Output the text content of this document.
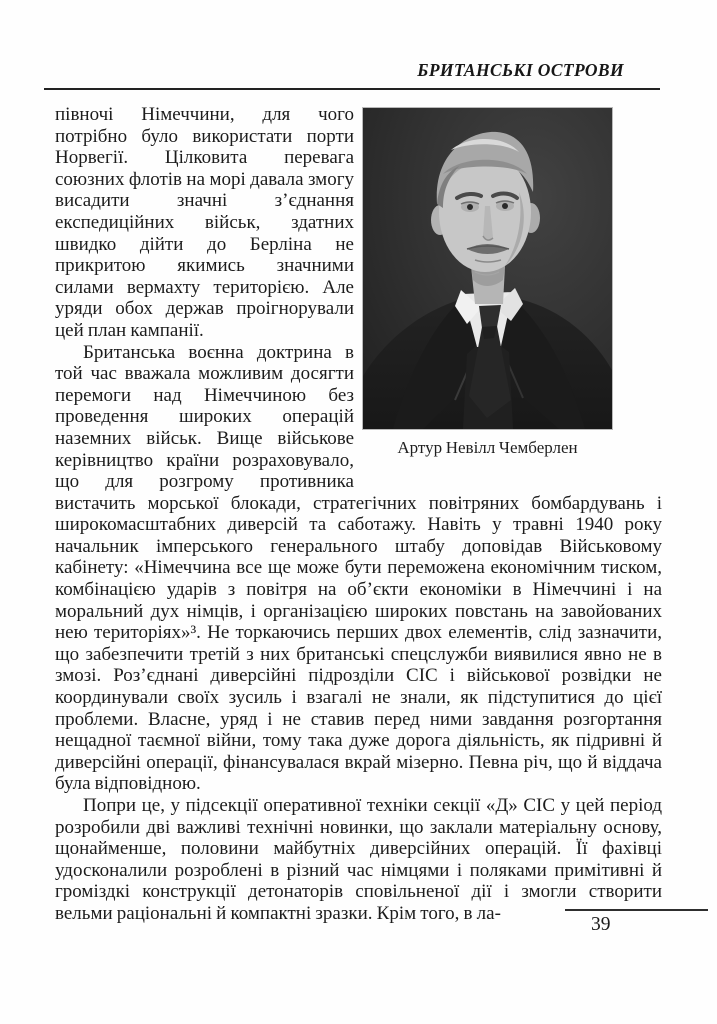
БРИТАНСЬКІ ОСТРОВИ
Артур Невілл Чемберлен

півночі Німеччини, для чого потрібно було використати порти Норвегії. Цілковита перевага союзних флотів на морі давала змогу висадити значні з’єднання експедиційних військ, здатних швидко дійти до Берліна не прикритою якимись значними силами вермахту територією. Але уряди обох держав проігнорували цей план кампанії.

Британська воєнна доктрина в той час вважала можливим досягти перемоги над Німеччиною без проведення широких операцій наземних військ. Вище військове керівництво країни розраховувало, що для розгрому противника вистачить морської блокади, стратегічних повітряних бомбардувань і широкомасштабних диверсій та саботажу. Навіть у травні 1940 року начальник імперського генерального штабу доповідав Військовому кабінету: «Німеччина все ще може бути переможена економічним тиском, комбінацією ударів з повітря на об’єкти економіки в Німеччині і на моральний дух німців, і організацією широких повстань на завойованих нею територіях»³. Не торкаючись перших двох елементів, слід зазначити, що забезпечити третій з них британські спецслужби виявилися явно не в змозі. Роз’єднані диверсійні підрозділи СІС і військової розвідки не координували своїх зусиль і взагалі не знали, як підступитися до цієї проблеми. Власне, уряд і не ставив перед ними завдання розгортання нещадної таємної війни, тому така дуже дорога діяльність, як підривні й диверсійні операції, фінансувалася вкрай мізерно. Певна річ, що й віддача була відповідною.

Попри це, у підсекції оперативної техніки секції «Д» СІС у цей період розробили дві важливі технічні новинки, що заклали матеріальну основу, щонайменше, половини майбутніх диверсійних операцій. Її фахівці удосконалили розроблені в різний час німцями і поляками примітивні й громіздкі конструкції детонаторів сповільненої дії і змогли створити вельми раціональні й компактні зразки. Крім того, в ла-

39
